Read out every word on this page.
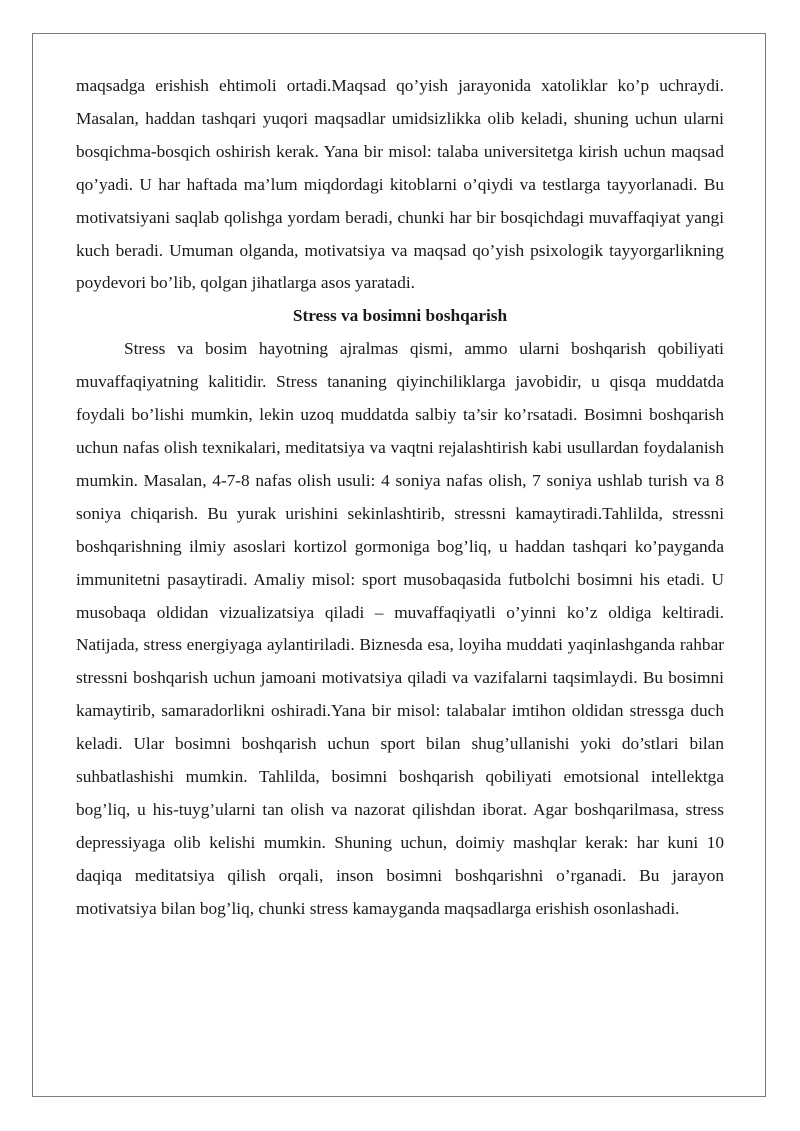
maqsadga erishish ehtimoli ortadi.Maqsad qo’yish jarayonida xatoliklar ko’p uchraydi. Masalan, haddan tashqari yuqori maqsadlar umidsizlikka olib keladi, shuning uchun ularni bosqichma-bosqich oshirish kerak. Yana bir misol: talaba universitetga kirish uchun maqsad qo’yadi. U har haftada ma’lum miqdordagi kitoblarni o’qiydi va testlarga tayyorlanadi. Bu motivatsiyani saqlab qolishga yordam beradi, chunki har bir bosqichdagi muvaffaqiyat yangi kuch beradi. Umuman olganda, motivatsiya va maqsad qo’yish psixologik tayyorgarlikning poydevori bo’lib, qolgan jihatlarga asos yaratadi.

Stress va bosimni boshqarish

Stress va bosim hayotning ajralmas qismi, ammo ularni boshqarish qobiliyati muvaffaqiyatning kalitidir. Stress tananing qiyinchiliklarga javobidir, u qisqa muddatda foydali bo’lishi mumkin, lekin uzoq muddatda salbiy ta’sir ko’rsatadi. Bosimni boshqarish uchun nafas olish texnikalari, meditatsiya va vaqtni rejalashtirish kabi usullardan foydalanish mumkin. Masalan, 4-7-8 nafas olish usuli: 4 soniya nafas olish, 7 soniya ushlab turish va 8 soniya chiqarish. Bu yurak urishini sekinlashtirib, stressni kamaytiradi.Tahlilda, stressni boshqarishning ilmiy asoslari kortizol gormoniga bog’liq, u haddan tashqari ko’payganda immunitetni pasaytiradi. Amaliy misol: sport musobaqasida futbolchi bosimni his etadi. U musobaqa oldidan vizualizatsiya qiladi – muvaffaqiyatli o’yinni ko’z oldiga keltiradi. Natijada, stress energiyaga aylantiriladi. Biznesda esa, loyiha muddati yaqinlashganda rahbar stressni boshqarish uchun jamoani motivatsiya qiladi va vazifalarni taqsimlaydi. Bu bosimni kamaytirib, samaradorlikni oshiradi.Yana bir misol: talabalar imtihon oldidan stressga duch keladi. Ular bosimni boshqarish uchun sport bilan shug’ullanishi yoki do’stlari bilan suhbatlashishi mumkin. Tahlilda, bosimni boshqarish qobiliyati emotsional intellektga bog’liq, u his-tuyg’ularni tan olish va nazorat qilishdan iborat. Agar boshqarilmasa, stress depressiyaga olib kelishi mumkin. Shuning uchun, doimiy mashqlar kerak: har kuni 10 daqiqa meditatsiya qilish orqali, inson bosimni boshqarishni o’rganadi. Bu jarayon motivatsiya bilan bog’liq, chunki stress kamayganda maqsadlarga erishish osonlashadi.
